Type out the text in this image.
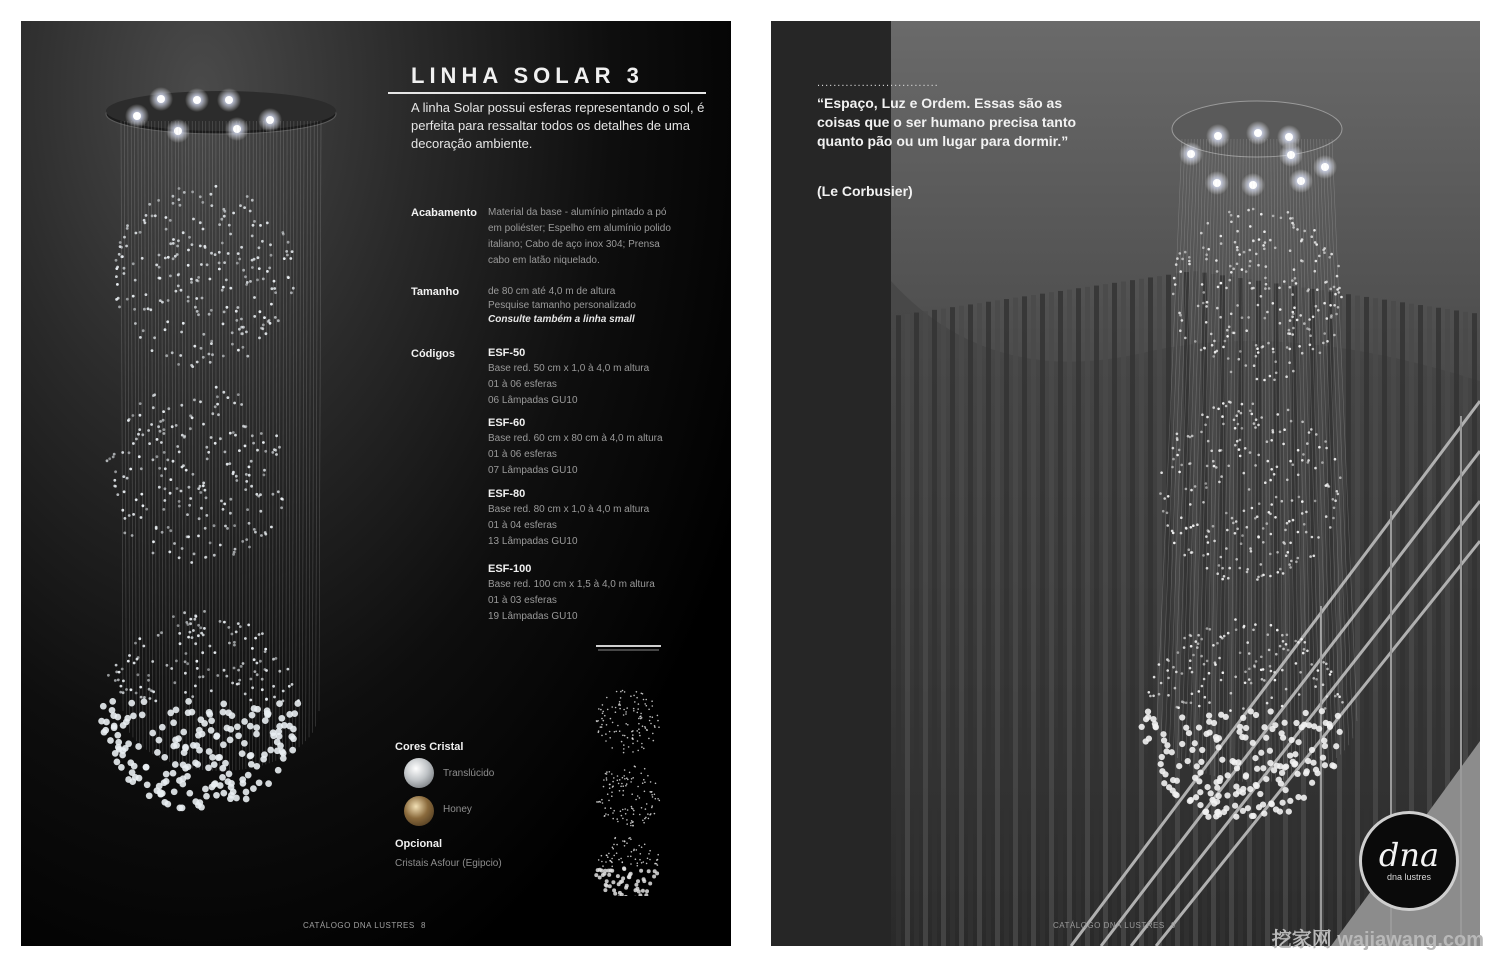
LINHA SOLAR 3
A linha Solar possui esferas representando o sol, é perfeita para ressaltar todos os detalhes de uma decoração ambiente.
Acabamento Material da base - alumínio pintado a pó em poliéster; Espelho em alumínio polido italiano; Cabo de aço inox 304; Prensa cabo em latão niquelado.
Tamanho	de 80 cm até 4,0 m de altura
Pesquise tamanho personalizado
Consulte também a linha small
Códigos	ESF-50
Base red. 50 cm x 1,0 à 4,0 m altura
01 à 06 esferas
06 Lâmpadas GU10
ESF-60
Base red. 60 cm x 80 cm à 4,0 m altura
01 à 06 esferas
07 Lâmpadas GU10
ESF-80
Base red. 80 cm x 1,0 à 4,0 m altura
01 à 04 esferas
13 Lâmpadas GU10
ESF-100
Base red. 100 cm x 1,5 à 4,0 m altura
01 à 03 esferas
19 Lâmpadas GU10
Cores Cristal
Translúcido
Honey
Opcional
Cristais Asfour (Egipcio)
CATÁLOGO DNA LUSTRES 8
..............................
“Espaço, Luz e Ordem. Essas são as coisas que o ser humano precisa tanto quanto pão ou um lugar para dormir.”
(Le Corbusier)
CATÁLOGO DNA LUSTRES 9
dna
dna lustres
挖家网 wajiawang.com
